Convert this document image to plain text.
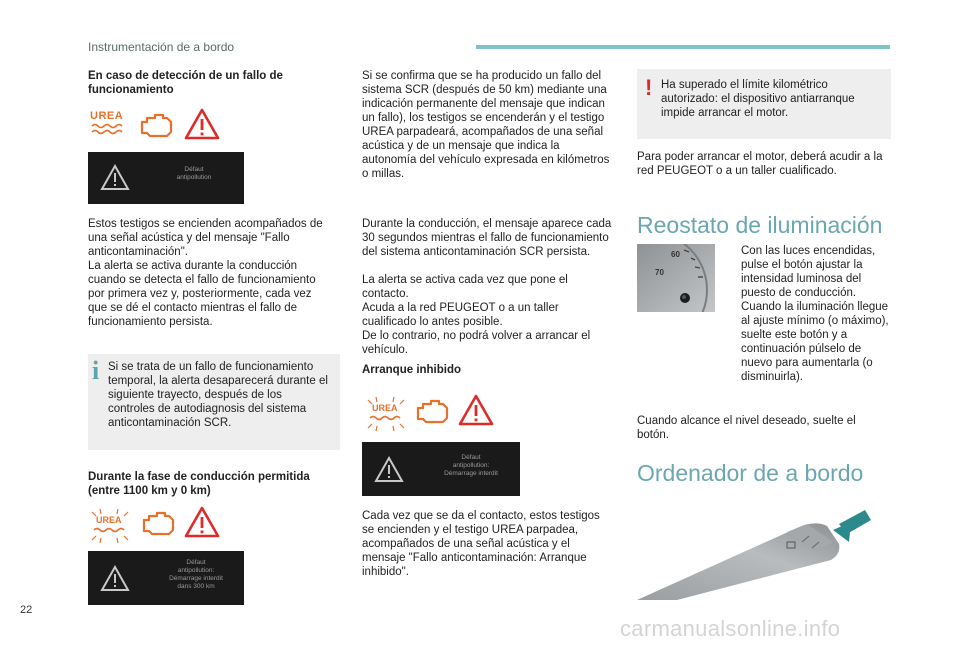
Instrumentación de a bordo
En caso de detección de un fallo de funcionamiento
UREA
Défaut
antipollution
Estos testigos se encienden acompañados de una señal acústica y del mensaje "Fallo anticontaminación".
La alerta se activa durante la conducción cuando se detecta el fallo de funcionamiento por primera vez y, posteriormente, cada vez que se dé el contacto mientras el fallo de funcionamiento persista.
i Si se trata de un fallo de funcionamiento temporal, la alerta desaparecerá durante el siguiente trayecto, después de los controles de autodiagnosis del sistema anticontaminación SCR.
Durante la fase de conducción permitida (entre 1100 km y 0 km)
UREA
Défaut
antipollution:
Démarrage interdit
dans 300 km
Si se confirma que se ha producido un fallo del sistema SCR (después de 50 km) mediante una indicación permanente del mensaje que indican un fallo), los testigos se encenderán y el testigo UREA parpadeará, acompañados de una señal acústica y de un mensaje que indica la autonomía del vehículo expresada en kilómetros o millas.
Durante la conducción, el mensaje aparece cada 30 segundos mientras el fallo de funcionamiento del sistema anticontaminación SCR persista.
La alerta se activa cada vez que pone el contacto.
Acuda a la red PEUGEOT o a un taller cualificado lo antes posible.
De lo contrario, no podrá volver a arrancar el vehículo.
Arranque inhibido
UREA
Défaut
antipollution:
Démarrage interdit
Cada vez que se da el contacto, estos testigos se encienden y el testigo UREA parpadea, acompañados de una señal acústica y el mensaje "Fallo anticontaminación: Arranque inhibido".
! Ha superado el límite kilométrico autorizado: el dispositivo antiarranque impide arrancar el motor.
Para poder arrancar el motor, deberá acudir a la red PEUGEOT o a un taller cualificado.
Reostato de iluminación
60
70
Con las luces encendidas, pulse el botón ajustar la intensidad luminosa del puesto de conducción. Cuando la iluminación llegue al ajuste mínimo (o máximo), suelte este botón y a continuación púlselo de nuevo para aumentarla (o disminuirla).
Cuando alcance el nivel deseado, suelte el botón.
Ordenador de a bordo
22
carmanualsonline.info
